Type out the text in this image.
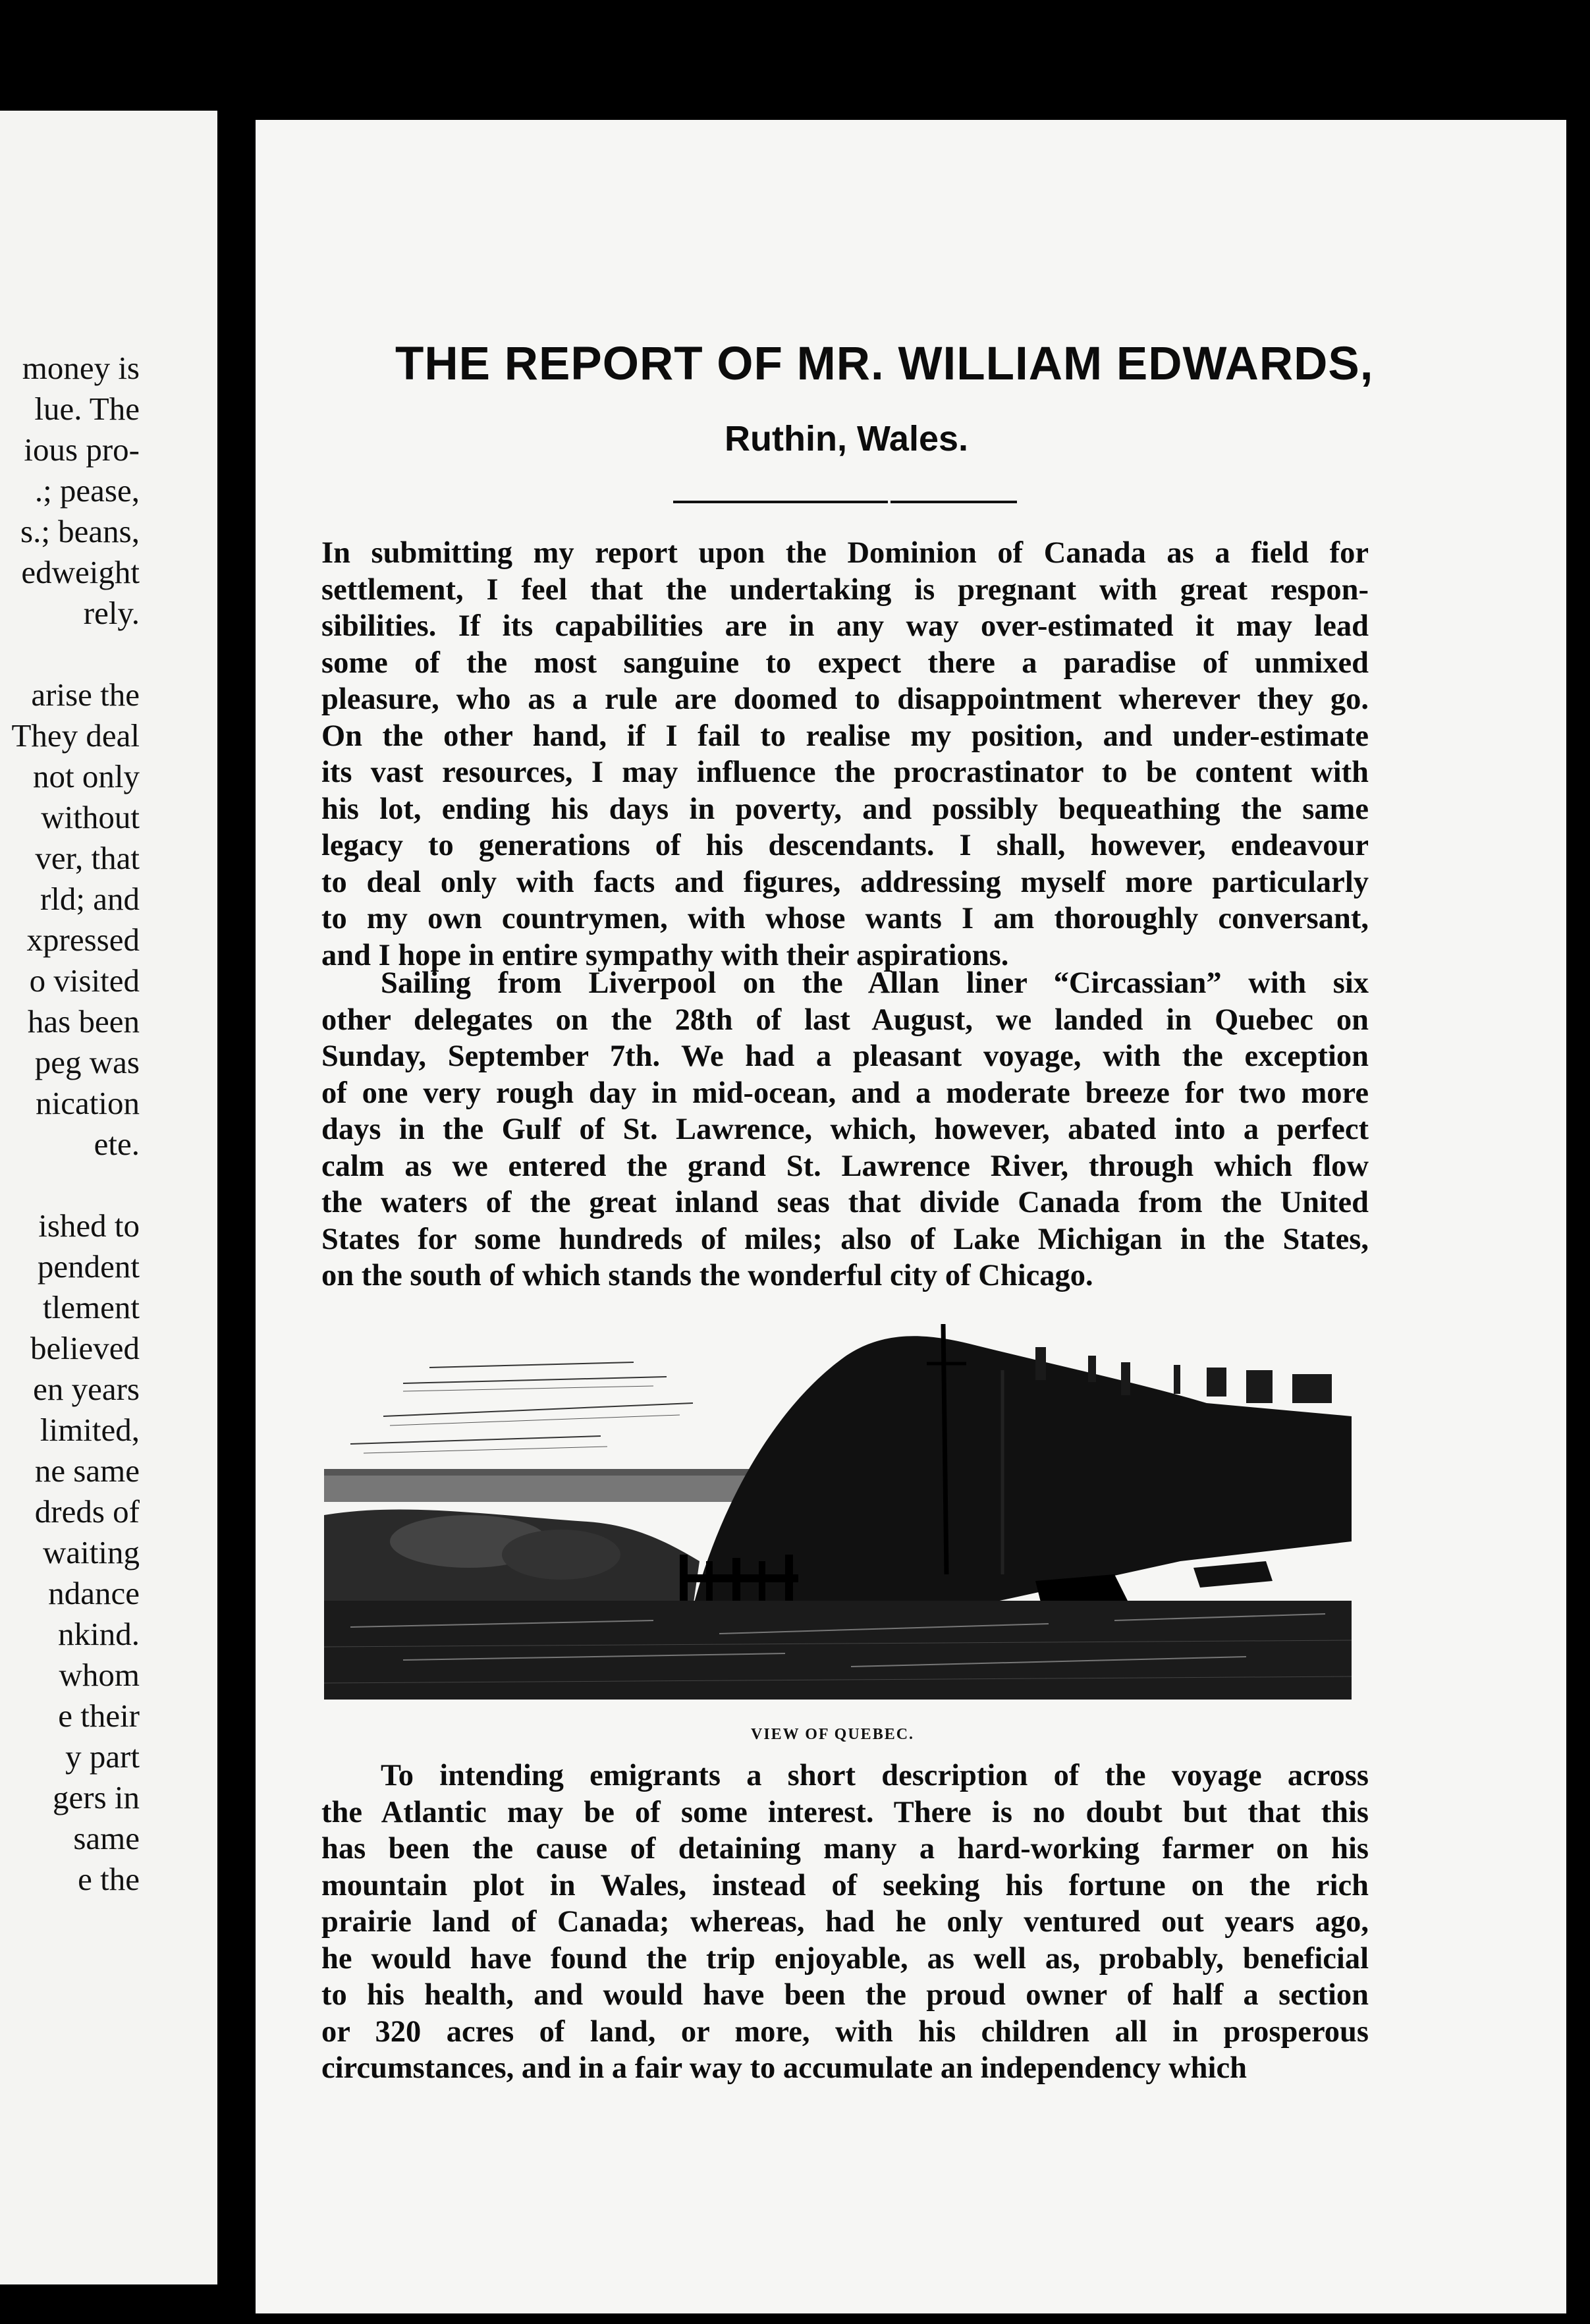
money is
lue. The
ious pro-
.; pease,
s.; beans,
edweight
rely.

arise the
They deal
not only
without
ver, that
rld; and
xpressed
o visited
has been
peg was
nication
ete.

ished to
pendent
tlement
believed
en years
limited,
ne same
dreds of
waiting
ndance
nkind.
whom
e their
y part
gers in
same
e the
THE REPORT OF MR. WILLIAM EDWARDS,
Ruthin, Wales.
In submitting my report upon the Dominion of Canada as a field for
settlement, I feel that the undertaking is pregnant with great respon-
sibilities. If its capabilities are in any way over-estimated it may lead
some of the most sanguine to expect there a paradise of unmixed
pleasure, who as a rule are doomed to disappointment wherever they go.
On the other hand, if I fail to realise my position, and under-estimate
its vast resources, I may influence the procrastinator to be content with
his lot, ending his days in poverty, and possibly bequeathing the same
legacy to generations of his descendants. I shall, however, endeavour
to deal only with facts and figures, addressing myself more particularly
to my own countrymen, with whose wants I am thoroughly conversant,
and I hope in entire sympathy with their aspirations.
Sailing from Liverpool on the Allan liner “Circassian” with six
other delegates on the 28th of last August, we landed in Quebec on
Sunday, September 7th. We had a pleasant voyage, with the exception
of one very rough day in mid-ocean, and a moderate breeze for two more
days in the Gulf of St. Lawrence, which, however, abated into a perfect
calm as we entered the grand St. Lawrence River, through which flow
the waters of the great inland seas that divide Canada from the United
States for some hundreds of miles; also of Lake Michigan in the States,
on the south of which stands the wonderful city of Chicago.
VIEW OF QUEBEC.
To intending emigrants a short description of the voyage across
the Atlantic may be of some interest. There is no doubt but that this
has been the cause of detaining many a hard-working farmer on his
mountain plot in Wales, instead of seeking his fortune on the rich
prairie land of Canada; whereas, had he only ventured out years ago,
he would have found the trip enjoyable, as well as, probably, beneficial
to his health, and would have been the proud owner of half a section
or 320 acres of land, or more, with his children all in prosperous
circumstances, and in a fair way to accumulate an independency which
